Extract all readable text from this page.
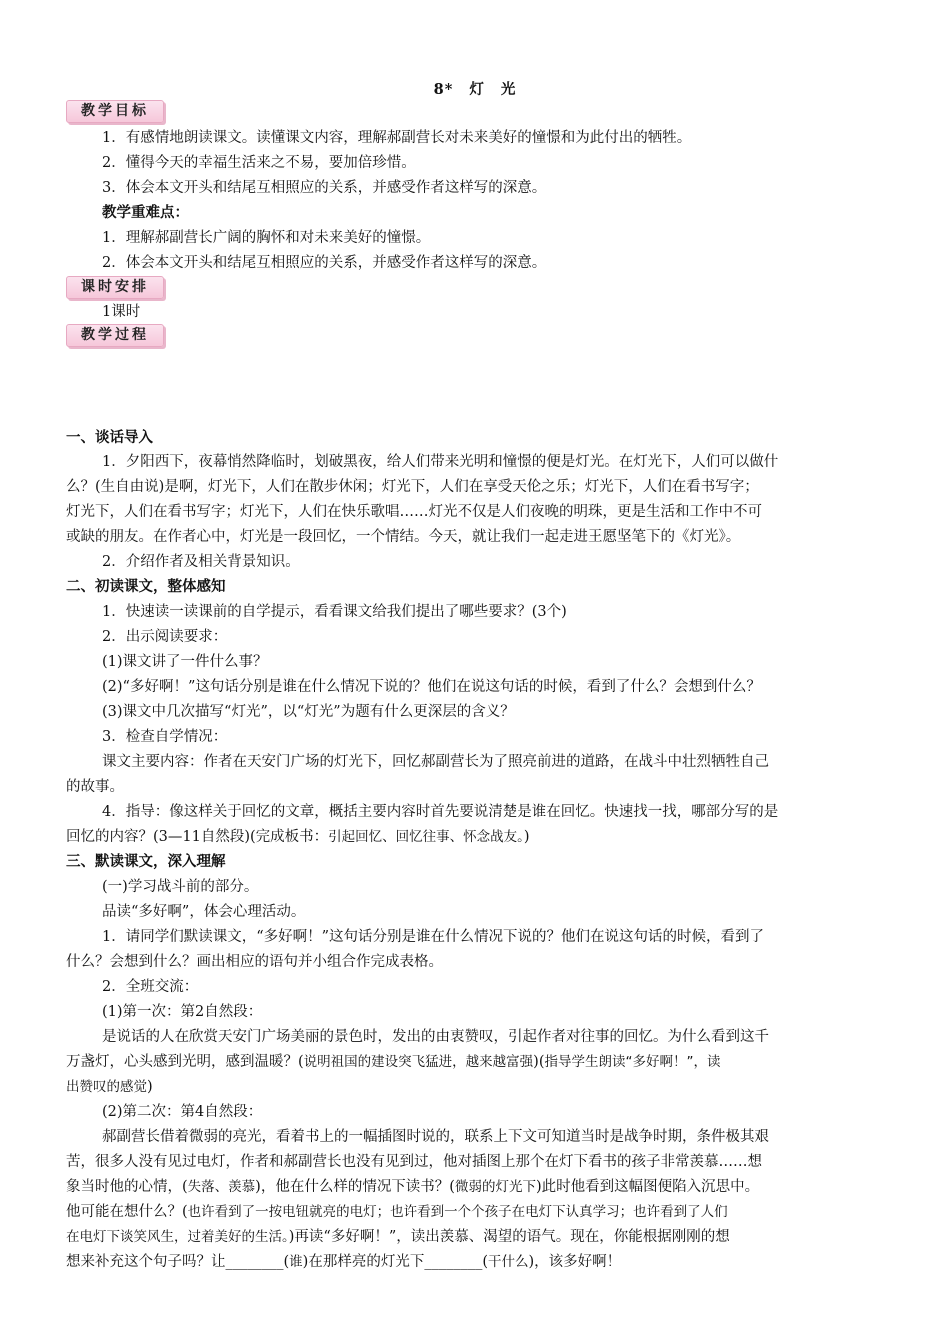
8* 灯 光
教学目标
1．有感情地朗读课文。读懂课文内容，理解郝副营长对未来美好的憧憬和为此付出的牺牲。
2．懂得今天的幸福生活来之不易，要加倍珍惜。
3．体会本文开头和结尾互相照应的关系，并感受作者这样写的深意。
教学重难点：
1．理解郝副营长广阔的胸怀和对未来美好的憧憬。
2．体会本文开头和结尾互相照应的关系，并感受作者这样写的深意。
课时安排
1课时
教学过程
一、谈话导入
1．夕阳西下，夜幕悄然降临时，划破黑夜，给人们带来光明和憧憬的便是灯光。在灯光下，人们可以做什
么？(生自由说)是啊，灯光下，人们在散步休闲；灯光下，人们在享受天伦之乐；灯光下，人们在看书写字；
灯光下，人们在看书写字；灯光下，人们在快乐歌唱……灯光不仅是人们夜晚的明珠，更是生活和工作中不可
或缺的朋友。在作者心中，灯光是一段回忆，一个情结。今天，就让我们一起走进王愿坚笔下的《灯光》。
2．介绍作者及相关背景知识。
二、初读课文，整体感知
1．快速读一读课前的自学提示，看看课文给我们提出了哪些要求？(3个)
2．出示阅读要求：
(1)课文讲了一件什么事？
(2)“多好啊！”这句话分别是谁在什么情况下说的？他们在说这句话的时候，看到了什么？会想到什么？
(3)课文中几次描写“灯光”，以“灯光”为题有什么更深层的含义？
3．检查自学情况：
课文主要内容：作者在天安门广场的灯光下，回忆郝副营长为了照亮前进的道路，在战斗中壮烈牺牲自己
的故事。
4．指导：像这样关于回忆的文章，概括主要内容时首先要说清楚是谁在回忆。快速找一找，哪部分写的是
回忆的内容？(3—11自然段)(完成板书：引起回忆、回忆往事、怀念战友。)
三、默读课文，深入理解
(一)学习战斗前的部分。
品读“多好啊”，体会心理活动。
1．请同学们默读课文，“多好啊！”这句话分别是谁在什么情况下说的？他们在说这句话的时候，看到了
什么？会想到什么？画出相应的语句并小组合作完成表格。
2．全班交流：
(1)第一次：第2自然段：
是说话的人在欣赏天安门广场美丽的景色时，发出的由衷赞叹，引起作者对往事的回忆。为什么看到这千
万盏灯，心头感到光明，感到温暖？(说明祖国的建设突飞猛进，越来越富强)(指导学生朗读“多好啊！”，读
出赞叹的感觉)
(2)第二次：第4自然段：
郝副营长借着微弱的亮光，看着书上的一幅插图时说的，联系上下文可知道当时是战争时期，条件极其艰
苦，很多人没有见过电灯，作者和郝副营长也没有见到过，他对插图上那个在灯下看书的孩子非常羡慕……想
象当时他的心情，(失落、羡慕)，他在什么样的情况下读书？(微弱的灯光下)此时他看到这幅图便陷入沉思中。
他可能在想什么？(也许看到了一按电钮就亮的电灯；也许看到一个个孩子在电灯下认真学习；也许看到了人们
在电灯下谈笑风生，过着美好的生活。)再读“多好啊！”，读出羡慕、渴望的语气。现在，你能根据刚刚的想
想来补充这个句子吗？让________(谁)在那样亮的灯光下________(干什么)，该多好啊！
